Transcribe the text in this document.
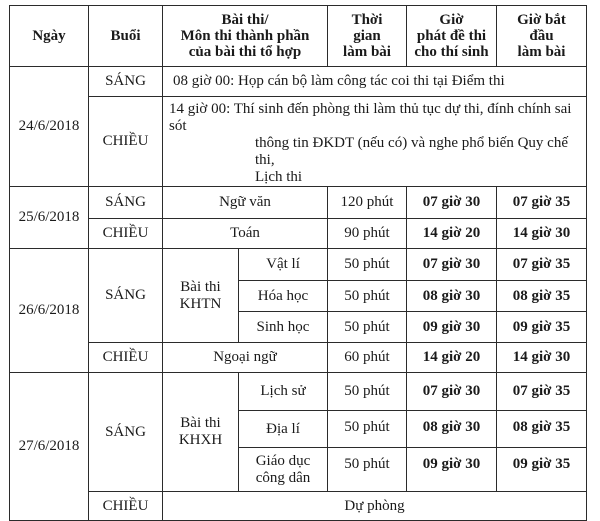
Ngày	Buổi	Bài thi/
Môn thi thành phần
của bài thi tổ hợp		Thời
gian
làm bài	Giờ
phát đề thi
cho thí sinh	Giờ bắt
đầu
làm bài
24/6/2018	SÁNG	08 giờ 00: Họp cán bộ làm công tác coi thi tại Điểm thi				
	CHIỀU	14 giờ 00: Thí sinh đến phòng thi làm thủ tục dự thi, đính chính sai sót
thông tin ĐKDT (nếu có) và nghe phổ biến Quy chế thi,
Lịch thi				

25/6/2018	SÁNG	Ngữ văn		120 phút	07 giờ 30	07 giờ 35
	CHIỀU	Toán		90 phút	14 giờ 20	14 giờ 30
26/6/2018	SÁNG	Bài thi
KHTN	Vật lí	50 phút	07 giờ 30	07 giờ 35
			Hóa học	50 phút	08 giờ 30	08 giờ 35
			Sinh học	50 phút	09 giờ 30	09 giờ 35
	CHIỀU	Ngoại ngữ		60 phút	14 giờ 20	14 giờ 30
27/6/2018	SÁNG	Bài thi
KHXH	Lịch sử	50 phút	07 giờ 30	07 giờ 35
			Địa lí	50 phút	08 giờ 30	08 giờ 35
			Giáo dục
công dân	50 phút	09 giờ 30	09 giờ 35
	CHIỀU	Dự phòng				
